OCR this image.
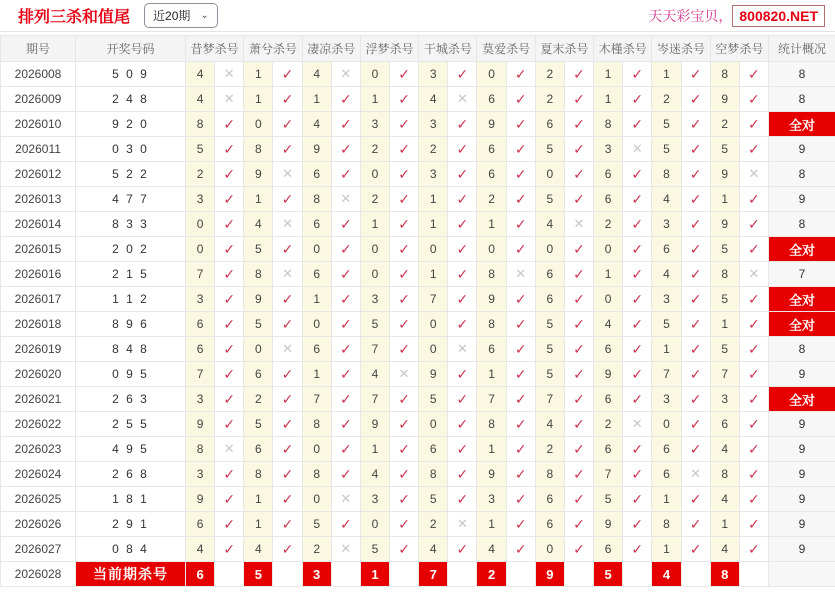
排列三杀和值尾 近20期 ⌄	天天彩宝贝， 800820.NET
期号	开奖号码	昔梦杀号		萧兮杀号		凄凉杀号		浮梦杀号		干城杀号		莫爱杀号		夏末杀号		木槿杀号		岑迷杀号		空梦杀号		统计概况
2026008	5 0 9	4	✕	1	✓	4	✕	0	✓	3	✓	0	✓	2	✓	1	✓	1	✓	8	✓	8
2026009	2 4 8	4	✕	1	✓	1	✓	1	✓	4	✕	6	✓	2	✓	1	✓	2	✓	9	✓	8
2026010	9 2 0	8	✓	0	✓	4	✓	3	✓	3	✓	9	✓	6	✓	8	✓	5	✓	2	✓	全对
2026011	0 3 0	5	✓	8	✓	9	✓	2	✓	2	✓	6	✓	5	✓	3	✕	5	✓	5	✓	9
2026012	5 2 2	2	✓	9	✕	6	✓	0	✓	3	✓	6	✓	0	✓	6	✓	8	✓	9	✕	8
2026013	4 7 7	3	✓	1	✓	8	✕	2	✓	1	✓	2	✓	5	✓	6	✓	4	✓	1	✓	9
2026014	8 3 3	0	✓	4	✕	6	✓	1	✓	1	✓	1	✓	4	✕	2	✓	3	✓	9	✓	8
2026015	2 0 2	0	✓	5	✓	0	✓	0	✓	0	✓	0	✓	0	✓	0	✓	6	✓	5	✓	全对
2026016	2 1 5	7	✓	8	✕	6	✓	0	✓	1	✓	8	✕	6	✓	1	✓	4	✓	8	✕	7
2026017	1 1 2	3	✓	9	✓	1	✓	3	✓	7	✓	9	✓	6	✓	0	✓	3	✓	5	✓	全对
2026018	8 9 6	6	✓	5	✓	0	✓	5	✓	0	✓	8	✓	5	✓	4	✓	5	✓	1	✓	全对
2026019	8 4 8	6	✓	0	✕	6	✓	7	✓	0	✕	6	✓	5	✓	6	✓	1	✓	5	✓	8
2026020	0 9 5	7	✓	6	✓	1	✓	4	✕	9	✓	1	✓	5	✓	9	✓	7	✓	7	✓	9
2026021	2 6 3	3	✓	2	✓	7	✓	7	✓	5	✓	7	✓	7	✓	6	✓	3	✓	3	✓	全对
2026022	2 5 5	9	✓	5	✓	8	✓	9	✓	0	✓	8	✓	4	✓	2	✕	0	✓	6	✓	9
2026023	4 9 5	8	✕	6	✓	0	✓	1	✓	6	✓	1	✓	2	✓	6	✓	6	✓	4	✓	9
2026024	2 6 8	3	✓	8	✓	8	✓	4	✓	8	✓	9	✓	8	✓	7	✓	6	✕	8	✓	9
2026025	1 8 1	9	✓	1	✓	0	✕	3	✓	5	✓	3	✓	6	✓	5	✓	1	✓	4	✓	9
2026026	2 9 1	6	✓	1	✓	5	✓	0	✓	2	✕	1	✓	6	✓	9	✓	8	✓	1	✓	9
2026027	0 8 4	4	✓	4	✓	2	✕	5	✓	4	✓	4	✓	0	✓	6	✓	1	✓	4	✓	9
2026028	当前期杀号	6		5		3		1		7		2		9		5		4		8		
